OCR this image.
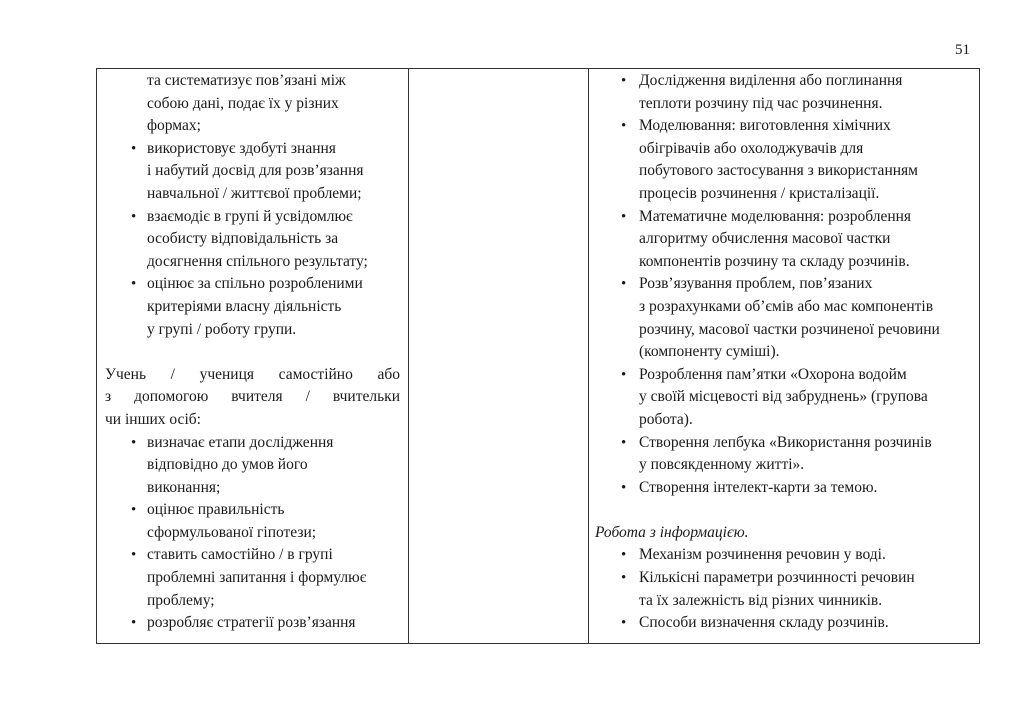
51
та систематизує пов’язані між
собою дані, подає їх у різних
формах;
• використовує здобуті знання
і набутий досвід для розв’язання
навчальної / життєвої проблеми;
• взаємодіє в групі й усвідомлює
особисту відповідальність за
досягнення спільного результату;
• оцінює за спільно розробленими
критеріями власну діяльність
у групі / роботу групи.
Учень / учениця самостійно або
з допомогою вчителя / вчительки
чи інших осіб:
• визначає етапи дослідження
відповідно до умов його
виконання;
• оцінює правильність
сформульованої гіпотези;
• ставить самостійно / в групі
проблемні запитання і формулює
проблему;
• розробляє стратегії розв’язання
• Дослідження виділення або поглинання
теплоти розчину під час розчинення.
• Моделювання: виготовлення хімічних
обігрівачів або охолоджувачів для
побутового застосування з використанням
процесів розчинення / кристалізації.
• Математичне моделювання: розроблення
алгоритму обчислення масової частки
компонентів розчину та складу розчинів.
• Розв’язування проблем, пов’язаних
з розрахунками об’ємів або мас компонентів
розчину, масової частки розчиненої речовини
(компоненту суміші).
• Розроблення пам’ятки «Охорона водойм
у своїй місцевості від забруднень» (групова
робота).
• Створення лепбука «Використання розчинів
у повсякденному житті».
• Створення інтелект-карти за темою.
Робота з інформацією.
• Механізм розчинення речовин у воді.
• Кількісні параметри розчинності речовин
та їх залежність від різних чинників.
• Способи визначення складу розчинів.
